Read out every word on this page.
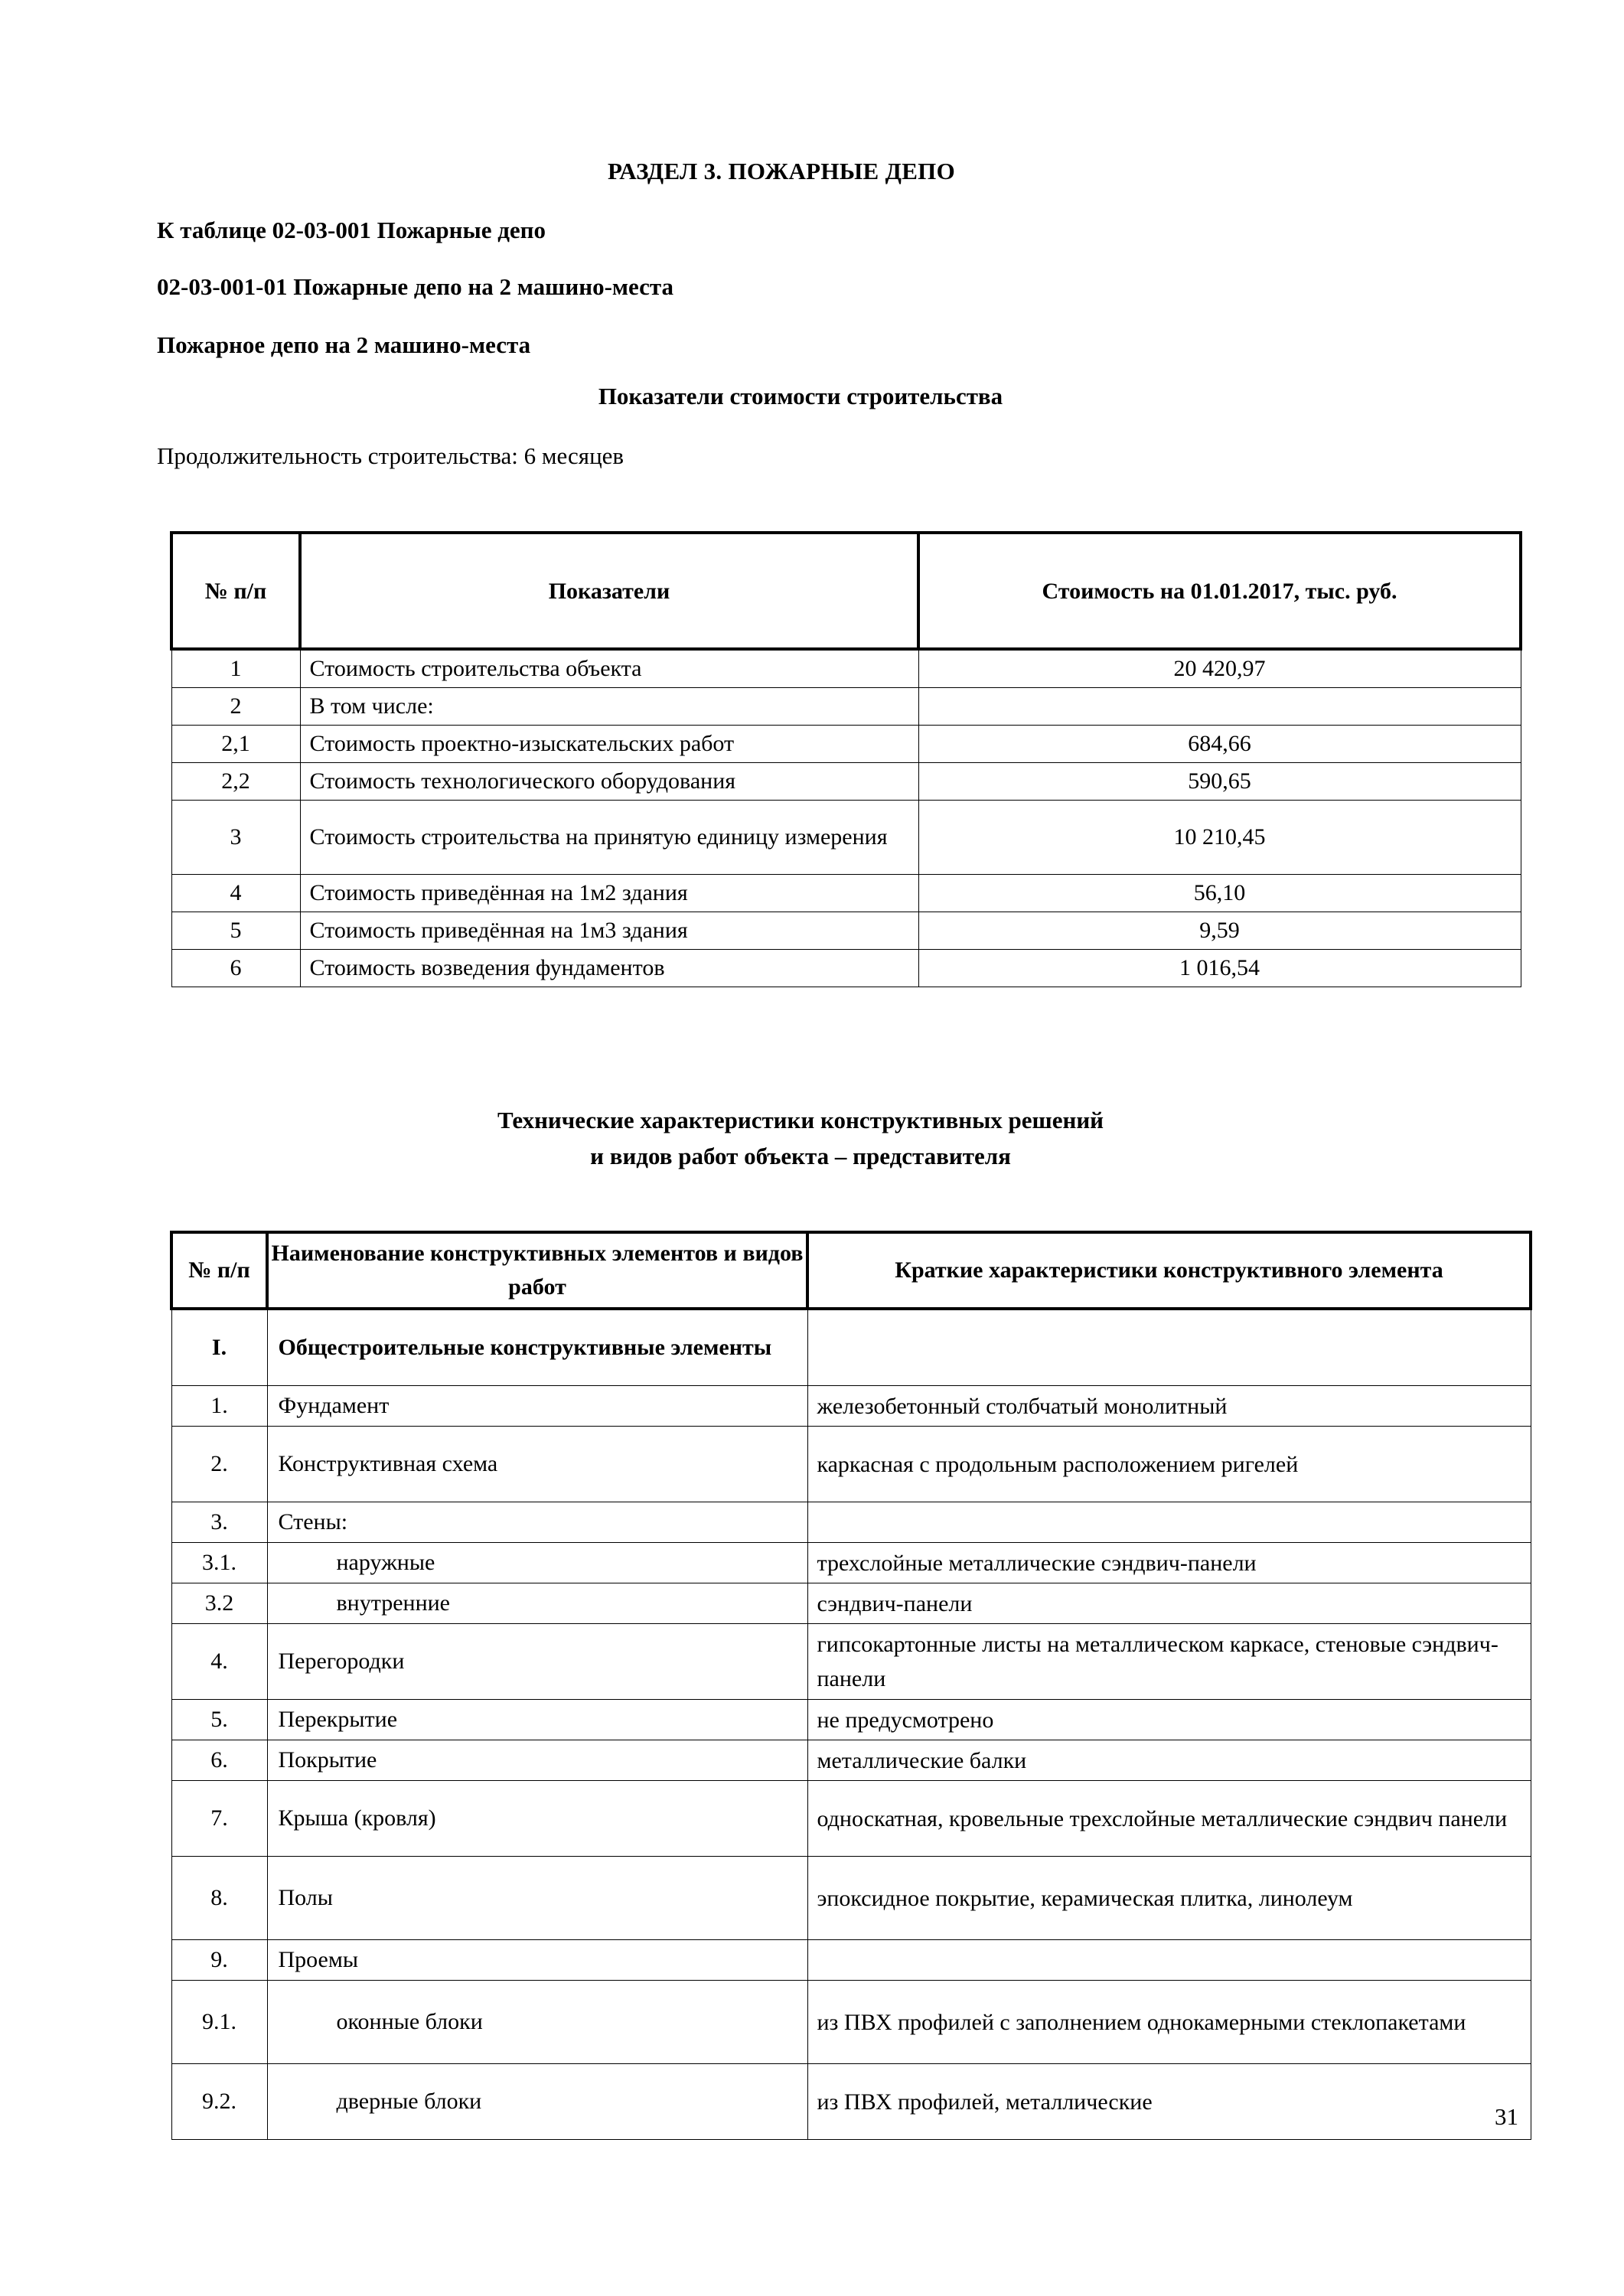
РАЗДЕЛ 3. ПОЖАРНЫЕ ДЕПО
К таблице 02-03-001 Пожарные депо
02-03-001-01 Пожарные депо на 2 машино-места
Пожарное депо на 2 машино-места
Показатели стоимости строительства
Продолжительность строительства: 6 месяцев
№ п/п	Показатели	Стоимость на 01.01.2017, тыс. руб.
1	Стоимость строительства объекта	20 420,97
2	В том числе:	
2,1	Стоимость проектно-изыскательских работ	684,66
2,2	Стоимость технологического оборудования	590,65
3	Стоимость строительства на принятую единицу измерения	10 210,45
4	Стоимость приведённая на 1м2 здания	56,10
5	Стоимость приведённая на 1м3 здания	9,59
6	Стоимость возведения фундаментов	1 016,54
Технические характеристики конструктивных решений
и видов работ объекта – представителя
№ п/п	Наименование конструктивных элементов и видов работ	Краткие характеристики конструктивного элемента
I.	Общестроительные конструктивные элементы	
1.	Фундамент	железобетонный столбчатый монолитный
2.	Конструктивная схема	каркасная с продольным расположением ригелей
3.	Стены:	
3.1.	наружные	трехслойные металлические сэндвич-панели
3.2	внутренние	сэндвич-панели
4.	Перегородки	гипсокартонные листы на металлическом каркасе, стеновые сэндвич-панели
5.	Перекрытие	не предусмотрено
6.	Покрытие	металлические балки
7.	Крыша (кровля)	односкатная, кровельные трехслойные металлические сэндвич панели
8.	Полы	эпоксидное покрытие, керамическая плитка, линолеум
9.	Проемы	
9.1.	оконные блоки	из ПВХ профилей с заполнением однокамерными стеклопакетами
9.2.	дверные блоки	из ПВХ профилей, металлические
31
